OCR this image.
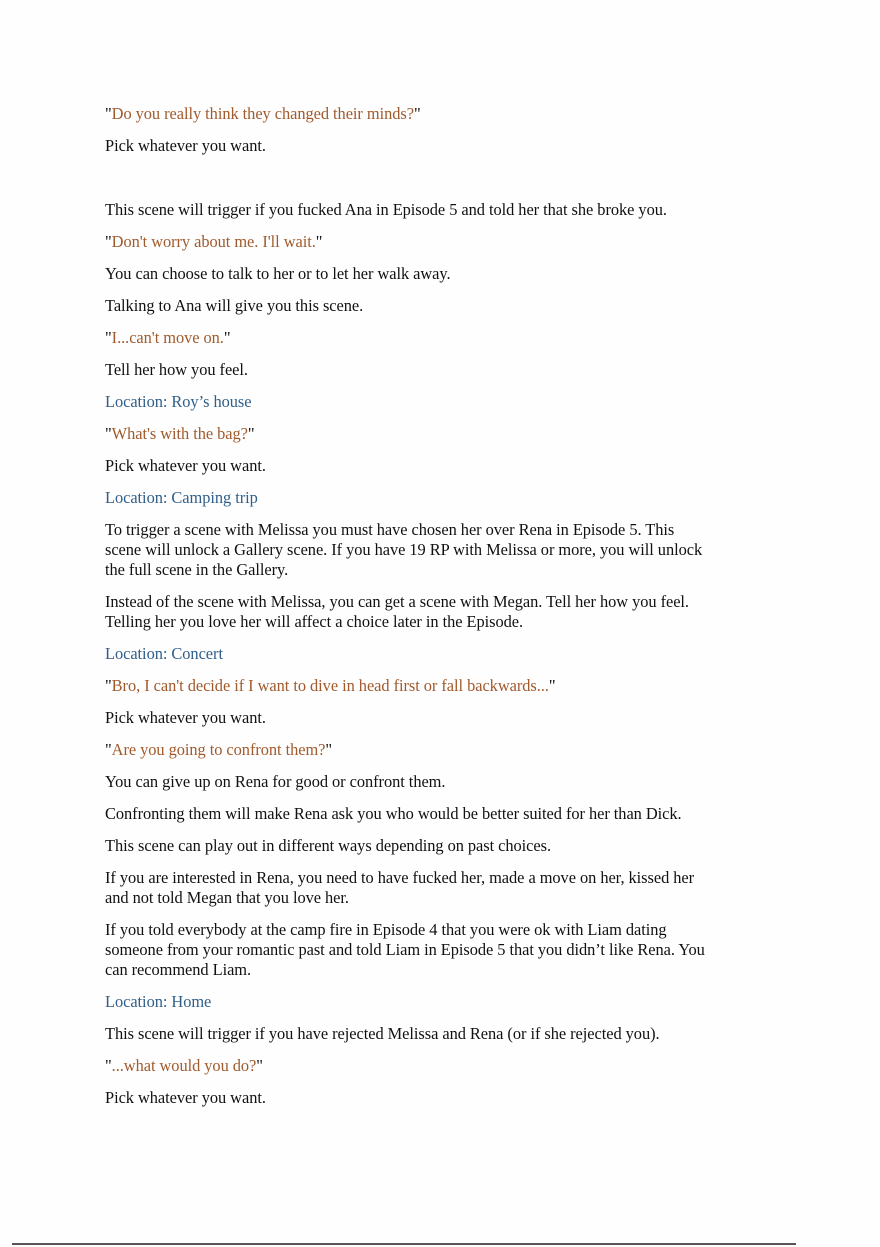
"Do you really think they changed their minds?"
Pick whatever you want.
This scene will trigger if you fucked Ana in Episode 5 and told her that she broke you.
"Don't worry about me. I'll wait."
You can choose to talk to her or to let her walk away.
Talking to Ana will give you this scene.
"I...can't move on."
Tell her how you feel.
Location: Roy’s house
"What's with the bag?"
Pick whatever you want.
Location: Camping trip
To trigger a scene with Melissa you must have chosen her over Rena in Episode 5. This scene will unlock a Gallery scene. If you have 19 RP with Melissa or more, you will unlock the full scene in the Gallery.
Instead of the scene with Melissa, you can get a scene with Megan. Tell her how you feel. Telling her you love her will affect a choice later in the Episode.
Location: Concert
"Bro, I can't decide if I want to dive in head first or fall backwards..."
Pick whatever you want.
"Are you going to confront them?"
You can give up on Rena for good or confront them.
Confronting them will make Rena ask you who would be better suited for her than Dick.
This scene can play out in different ways depending on past choices.
If you are interested in Rena, you need to have fucked her, made a move on her, kissed her and not told Megan that you love her.
If you told everybody at the camp fire in Episode 4 that you were ok with Liam dating someone from your romantic past and told Liam in Episode 5 that you didn’t like Rena. You can recommend Liam.
Location: Home
This scene will trigger if you have rejected Melissa and Rena (or if she rejected you).
"...what would you do?"
Pick whatever you want.
